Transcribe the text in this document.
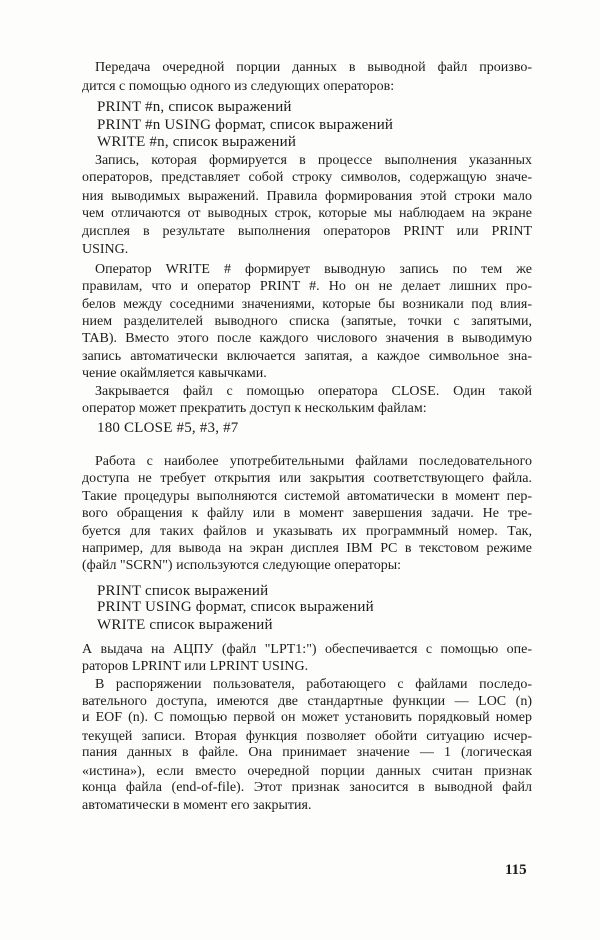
Передача очередной порции данных в выводной файл произво-
дится с помощью одного из следующих операторов:
PRINT #n, список выражений
PRINT #n USING формат, список выражений
WRITE #n, список выражений
Запись, которая формируется в процессе выполнения указанных
операторов, представляет собой строку символов, содержащую значе-
ния выводимых выражений. Правила формирования этой строки мало
чем отличаются от выводных строк, которые мы наблюдаем на экране
дисплея в результате выполнения операторов PRINT или PRINT
USING.
Оператор WRITE # формирует выводную запись по тем же
правилам, что и оператор PRINT #. Но он не делает лишних про-
белов между соседними значениями, которые бы возникали под влия-
нием разделителей выводного списка (запятые, точки с запятыми,
TAB). Вместо этого после каждого числового значения в выводимую
запись автоматически включается запятая, а каждое символьное зна-
чение окаймляется кавычками.
Закрывается файл с помощью оператора CLOSE. Один такой
оператор может прекратить доступ к нескольким файлам:
180 CLOSE #5, #3, #7
Работа с наиболее употребительными файлами последовательного
доступа не требует открытия или закрытия соответствующего файла.
Такие процедуры выполняются системой автоматически в момент пер-
вого обращения к файлу или в момент завершения задачи. Не тре-
буется для таких файлов и указывать их программный номер. Так,
например, для вывода на экран дисплея IBM PC в текстовом режиме
(файл "SCRN") используются следующие операторы:
PRINT список выражений
PRINT USING формат, список выражений
WRITE список выражений
А выдача на АЦПУ (файл "LPT1:") обеспечивается с помощью опе-
раторов LPRINT или LPRINT USING.
В распоряжении пользователя, работающего с файлами последо-
вательного доступа, имеются две стандартные функции — LOC (n)
и EOF (n). С помощью первой он может установить порядковый номер
текущей записи. Вторая функция позволяет обойти ситуацию исчер-
пания данных в файле. Она принимает значение — 1 (логическая
«истина»), если вместо очередной порции данных считан признак
конца файла (end-of-file). Этот признак заносится в выводной файл
автоматически в момент его закрытия.
115
